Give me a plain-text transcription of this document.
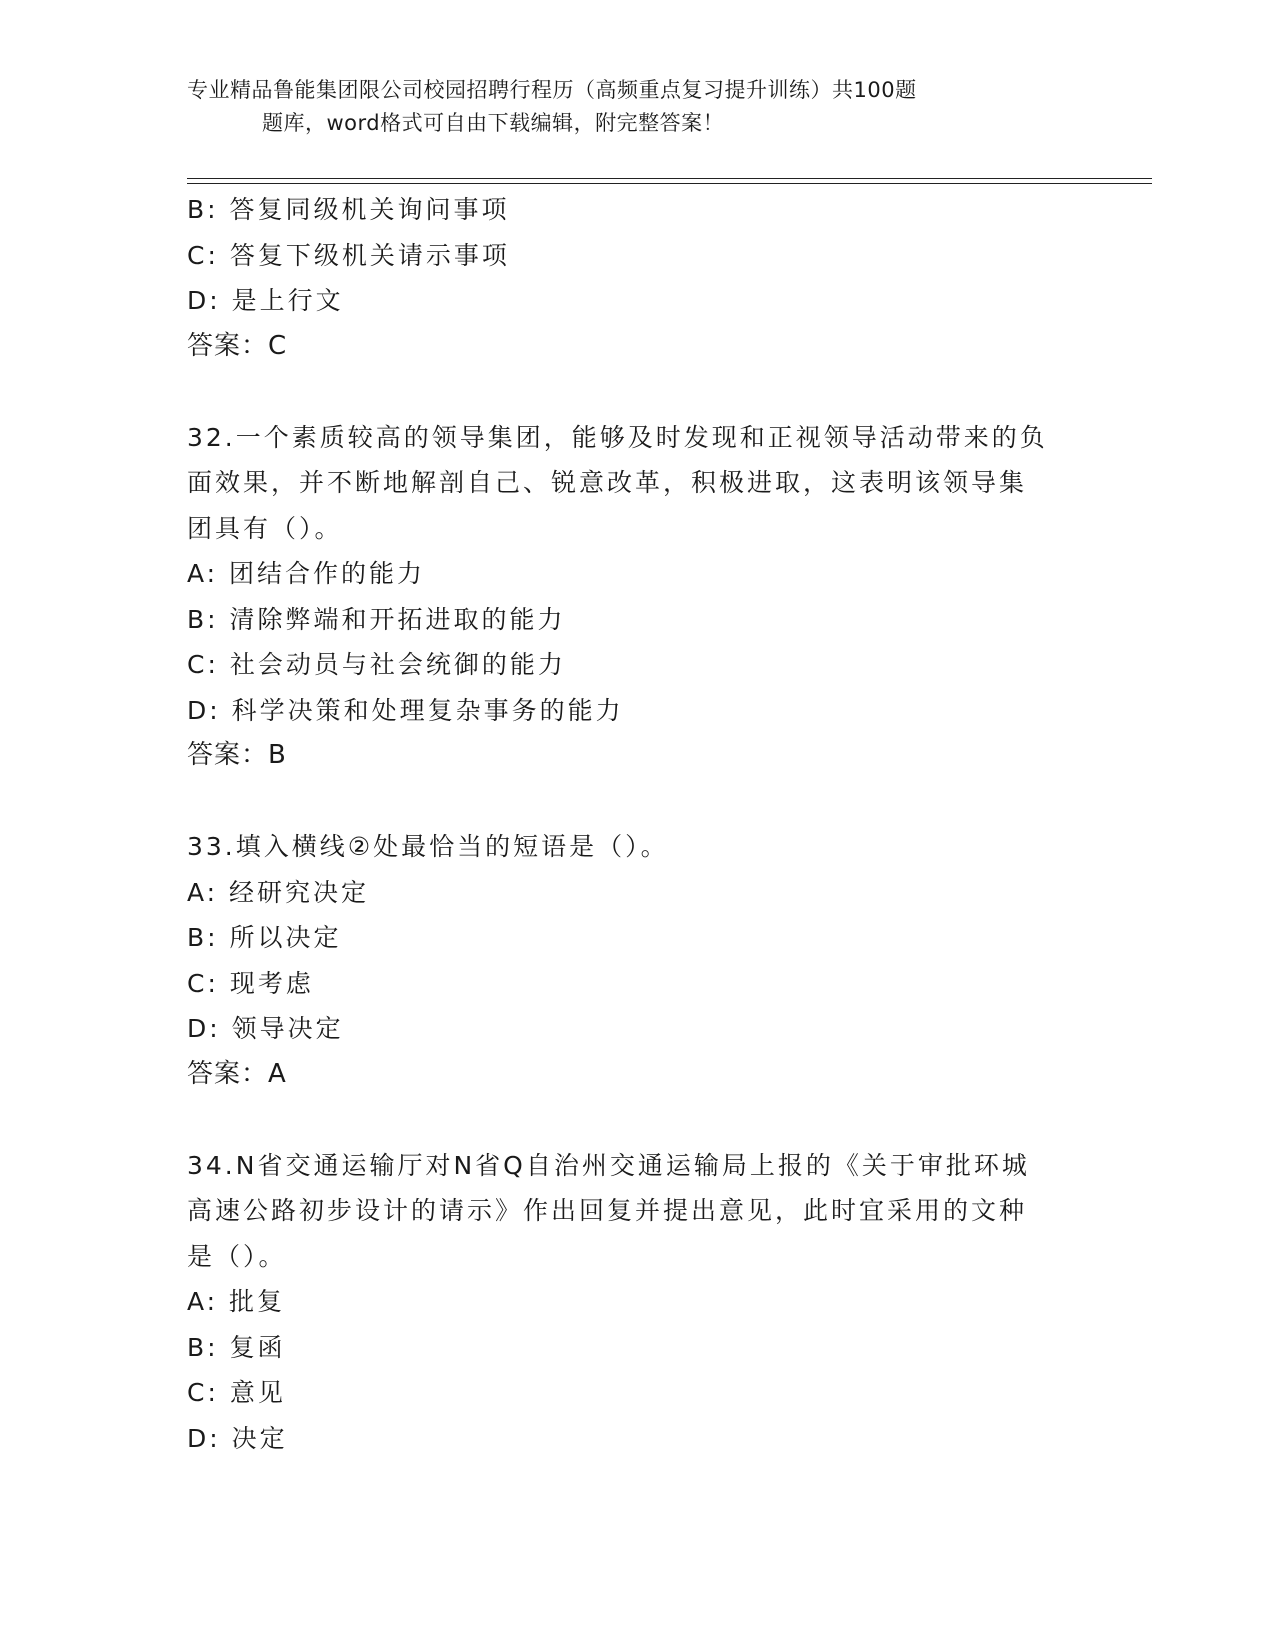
专业精品鲁能集团限公司校园招聘行程历（高频重点复习提升训练）共100题
题库，word格式可自由下载编辑，附完整答案！
B: 答复同级机关询问事项
C: 答复下级机关请示事项
D: 是上行文
答案：C
32.一个素质较高的领导集团，能够及时发现和正视领导活动带来的负
面效果，并不断地解剖自己、锐意改革，积极进取，这表明该领导集
团具有（）。
A: 团结合作的能力
B: 清除弊端和开拓进取的能力
C: 社会动员与社会统御的能力
D: 科学决策和处理复杂事务的能力
答案：B
33.填入横线②处最恰当的短语是（）。
A: 经研究决定
B: 所以决定
C: 现考虑
D: 领导决定
答案：A
34.N省交通运输厅对N省Q自治州交通运输局上报的《关于审批环城
高速公路初步设计的请示》作出回复并提出意见，此时宜采用的文种
是（）。
A: 批复
B: 复函
C: 意见
D: 决定
